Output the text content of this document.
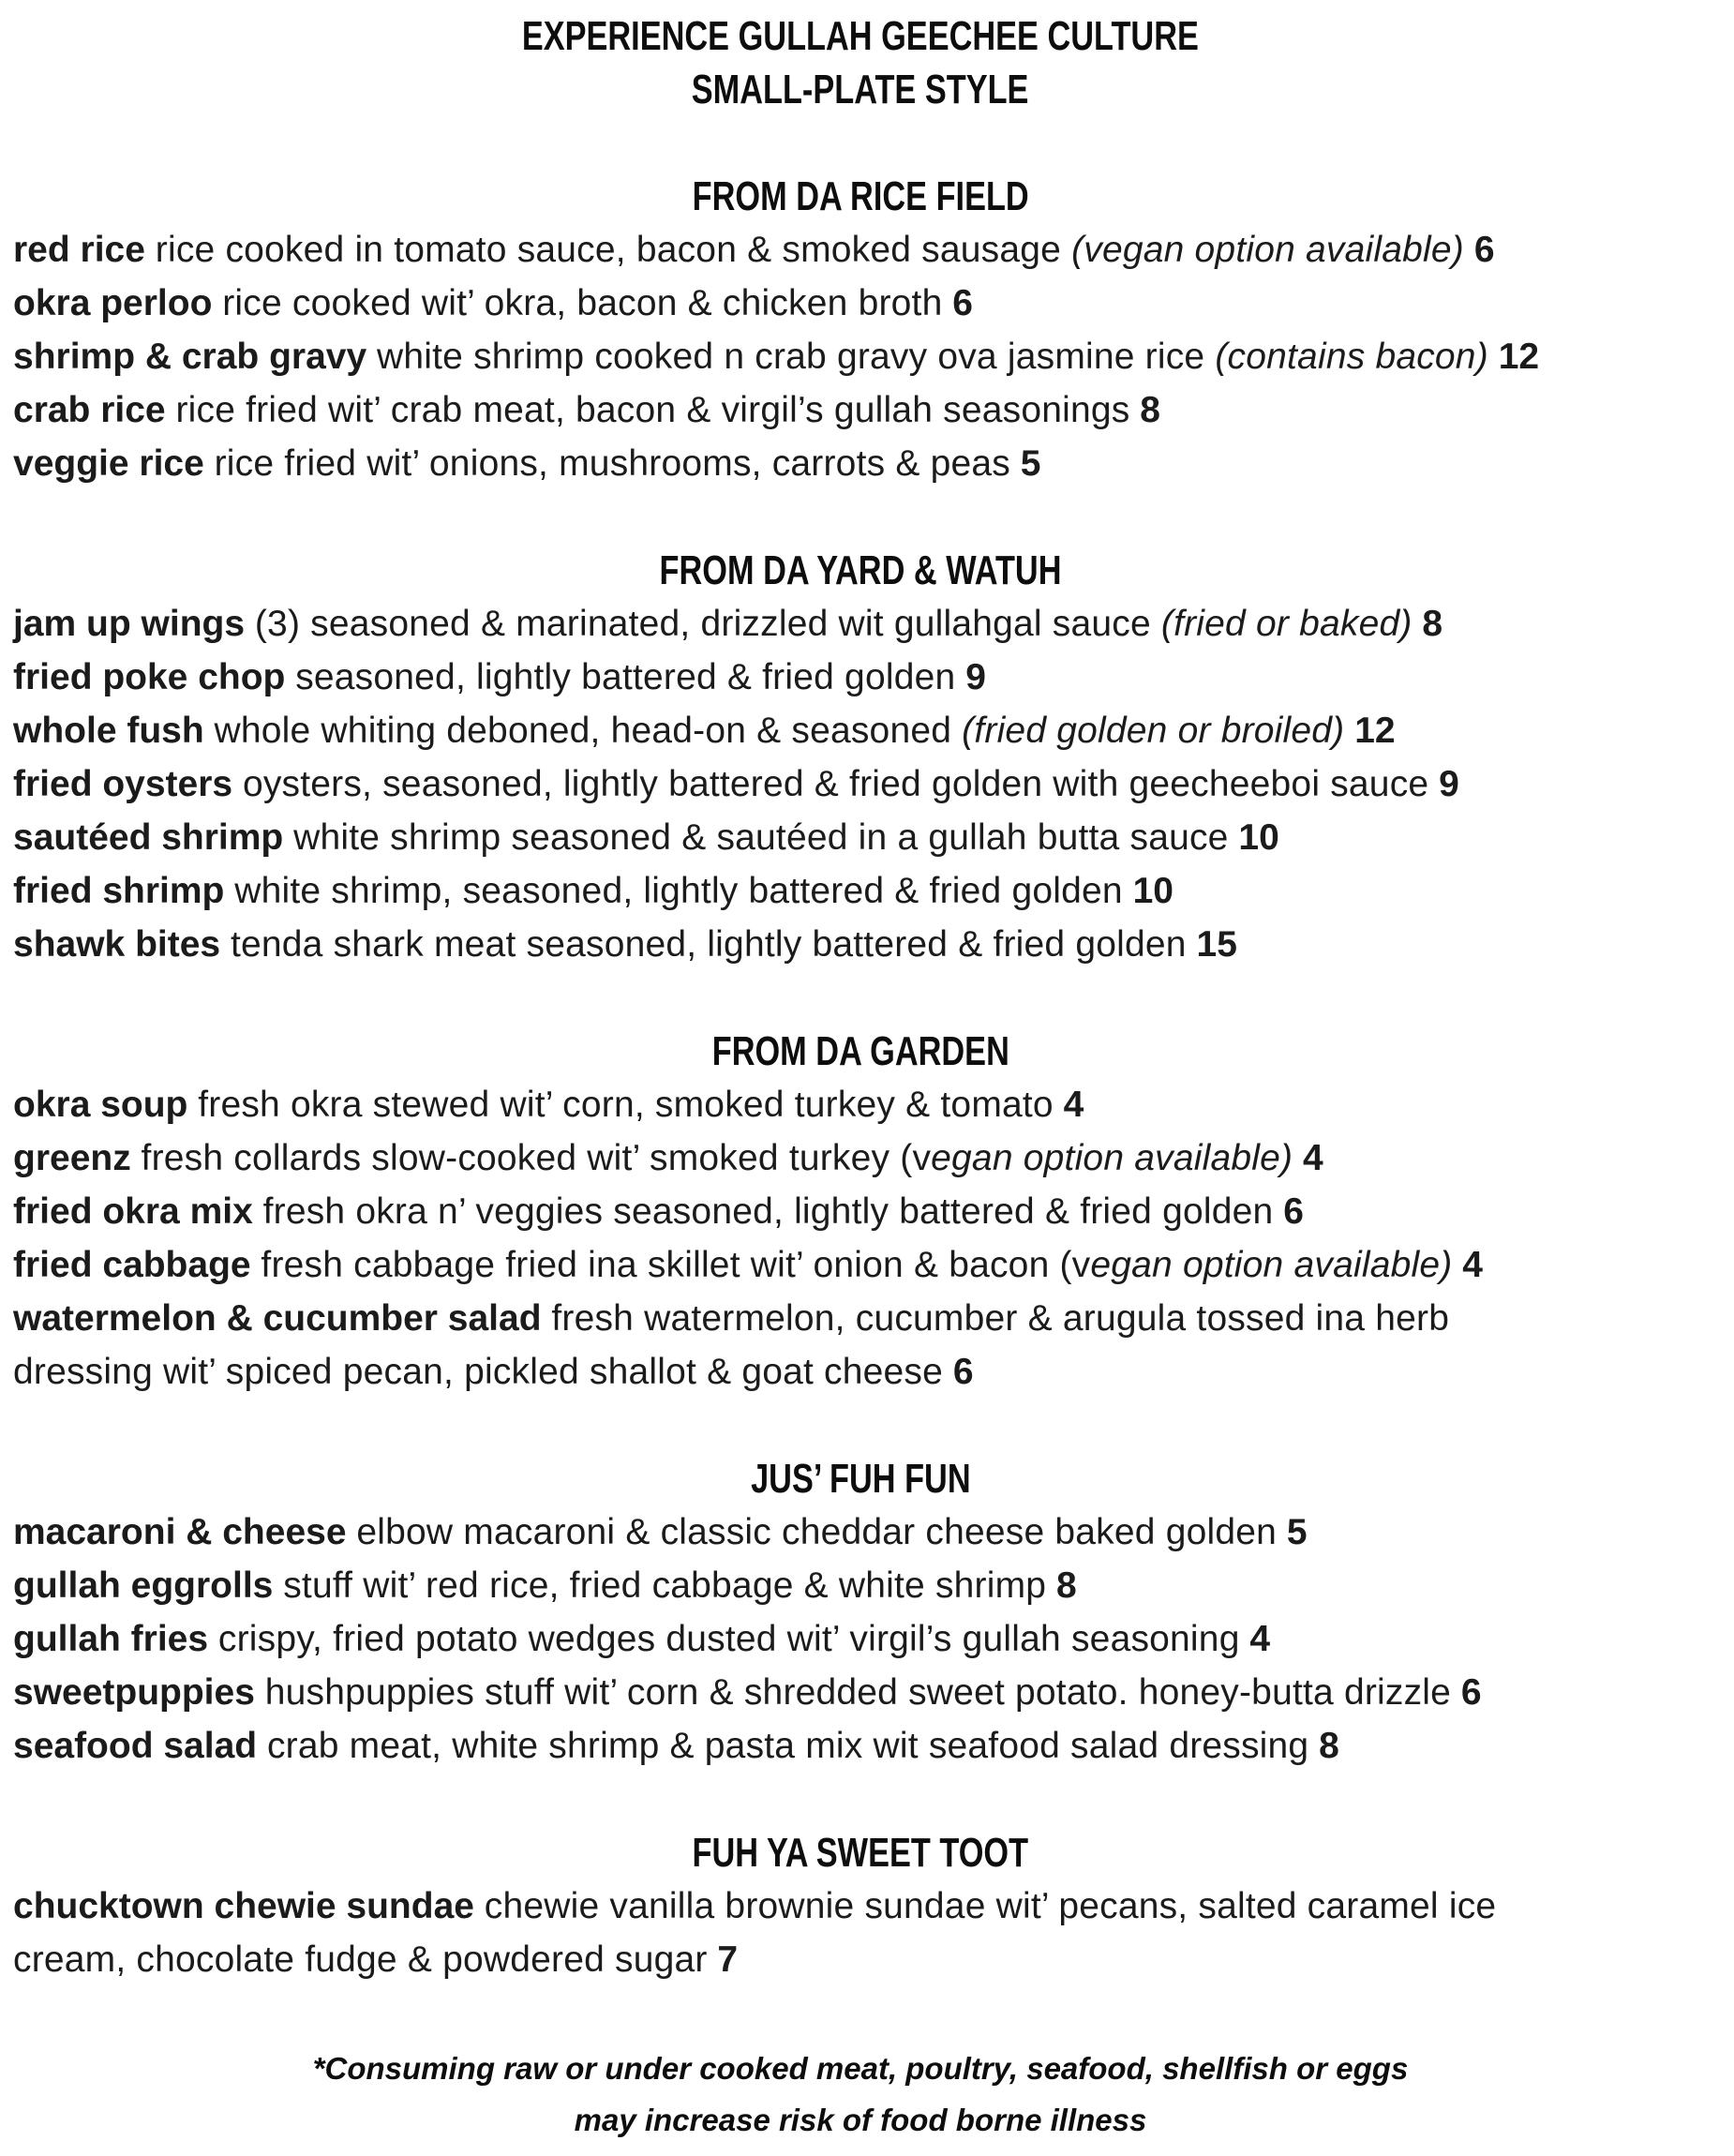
EXPERIENCE GULLAH GEECHEE CULTURE
SMALL-PLATE STYLE
FROM DA RICE FIELD

red rice rice cooked in tomato sauce, bacon & smoked sausage (vegan option available) 6

okra perloo rice cooked wit’ okra, bacon & chicken broth 6

shrimp & crab gravy white shrimp cooked n crab gravy ova jasmine rice (contains bacon) 12

crab rice rice fried wit’ crab meat, bacon & virgil’s gullah seasonings 8

veggie rice rice fried wit’ onions, mushrooms, carrots & peas 5

FROM DA YARD & WATUH

jam up wings (3) seasoned & marinated, drizzled wit gullahgal sauce (fried or baked) 8

fried poke chop seasoned, lightly battered & fried golden 9

whole fush whole whiting deboned, head-on & seasoned (fried golden or broiled) 12

fried oysters oysters, seasoned, lightly battered & fried golden with geecheeboi sauce 9

sautéed shrimp white shrimp seasoned & sautéed in a gullah butta sauce 10

fried shrimp white shrimp, seasoned, lightly battered & fried golden 10

shawk bites tenda shark meat seasoned, lightly battered & fried golden 15

FROM DA GARDEN

okra soup fresh okra stewed wit’ corn, smoked turkey & tomato 4

greenz fresh collards slow-cooked wit’ smoked turkey (vegan option available) 4

fried okra mix fresh okra n’ veggies seasoned, lightly battered & fried golden 6

fried cabbage fresh cabbage fried ina skillet wit’ onion & bacon (vegan option available) 4

watermelon & cucumber salad fresh watermelon, cucumber & arugula tossed ina herb
dressing wit’ spiced pecan, pickled shallot & goat cheese 6

JUS’ FUH FUN

macaroni & cheese elbow macaroni & classic cheddar cheese baked golden 5

gullah eggrolls stuff wit’ red rice, fried cabbage & white shrimp 8

gullah fries crispy, fried potato wedges dusted wit’ virgil’s gullah seasoning 4

sweetpuppies hushpuppies stuff wit’ corn & shredded sweet potato. honey-butta drizzle 6

seafood salad crab meat, white shrimp & pasta mix wit seafood salad dressing 8

FUH YA SWEET TOOT

chucktown chewie sundae chewie vanilla brownie sundae wit’ pecans, salted caramel ice
cream, chocolate fudge & powdered sugar 7

*Consuming raw or under cooked meat, poultry, seafood, shellfish or eggs
may increase risk of food borne illness
